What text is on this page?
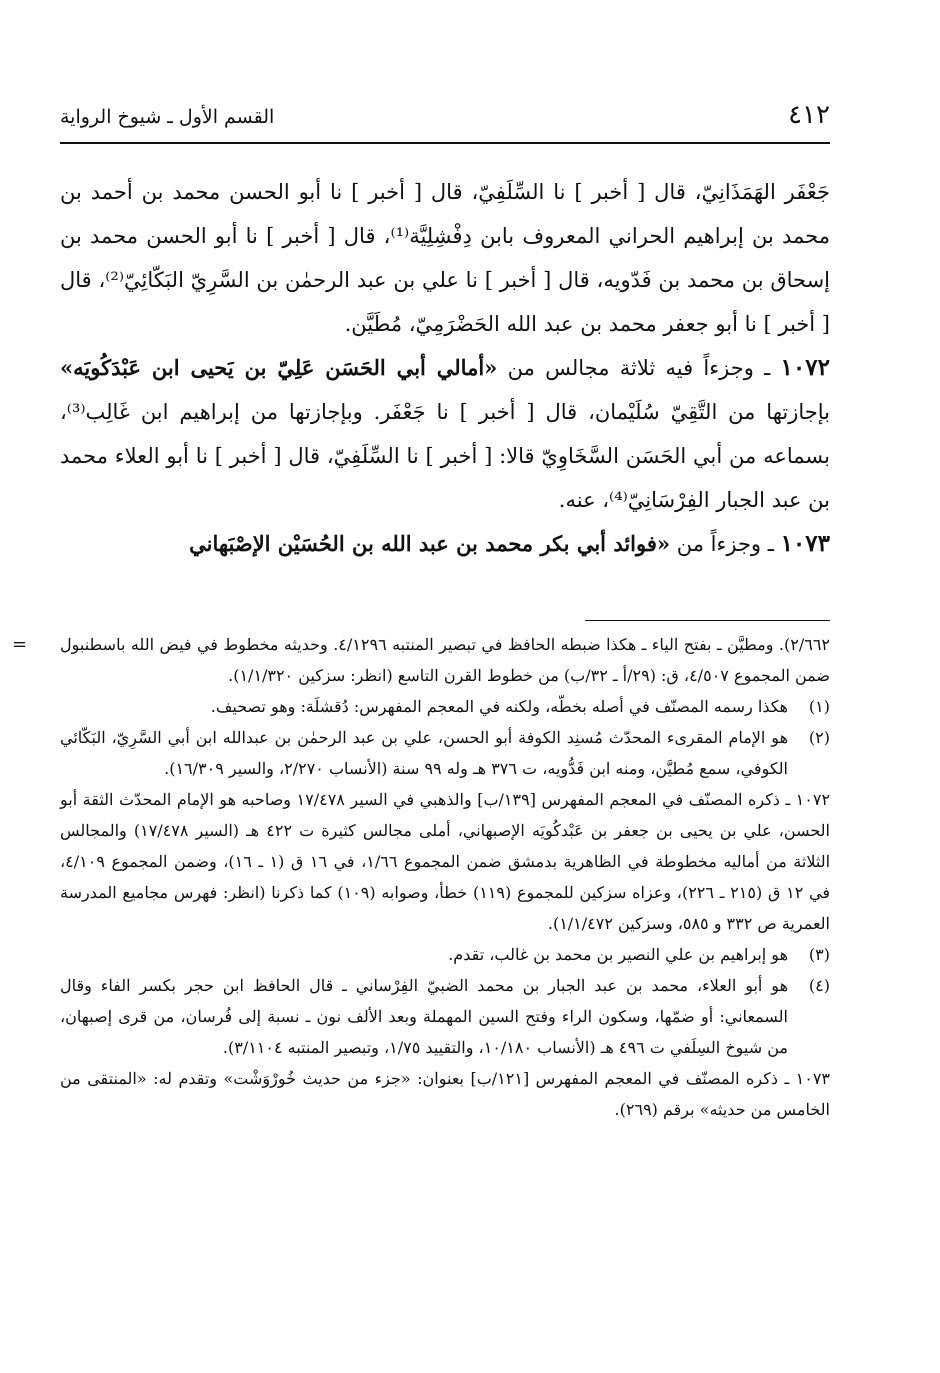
٤١٢
القسم الأول ـ شيوخ الرواية

جَعْفَر الهَمَذَانِيّ، قال [ أخبر ] نا السِّلَفِيّ، قال [ أخبر ] نا أبو الحسن محمد بن أحمد بن محمد بن إبراهيم الحراني المعروف بابن دِفْشِلِيَّة⁽¹⁾، قال [ أخبر ] نا أبو الحسن محمد بن إسحاق بن محمد بن فَدّويه، قال [ أخبر ] نا علي بن عبد الرحمٰن بن السَّرِيّ البَكّائِيّ⁽²⁾، قال [ أخبر ] نا أبو جعفر محمد بن عبد الله الحَضْرَمِيّ، مُطَيَّن.

١٠٧٢ ـ وجزءاً فيه ثلاثة مجالس من «أمالي أبي الحَسَن عَلِيّ بن يَحيى ابن عَبْدَكُويَه» بإجازتها من التَّقِيّ سُلَيْمان، قال [ أخبر ] نا جَعْفَر. وبإجازتها من إبراهيم ابن غَالِب⁽³⁾، بسماعه من أبي الحَسَن السَّخَاوِيّ قالا: [ أخبر ] نا السِّلَفِيّ، قال [ أخبر ] نا أبو العلاء محمد بن عبد الجبار الفِرْسَانِيّ⁽⁴⁾، عنه.

١٠٧٣ ـ وجزءاً من «فوائد أبي بكر محمد بن عبد الله بن الحُسَيْن الإصْبَهاني

= ٢/٦٦٢). ومطيَّن ـ بفتح الياء ـ هكذا ضبطه الحافظ في تبصير المنتبه ٤/١٢٩٦. وحديثه مخطوط في فيض الله باسطنبول ضمن المجموع ٤/٥٠٧، ق: (٢٩/أ ـ ٣٢/ب) من خطوط القرن التاسع (انظر: سزكين ١/١/٣٢٠).

(١)
هكذا رسمه المصنّف في أصله بخطّه، ولكنه في المعجم المفهرس: دُقشلَة: وهو تصحيف.

(٢)
هو الإمام المقرىء المحدّث مُسنِد الكوفة أبو الحسن، علي بن عبد الرحمٰن بن عبدالله ابن أبي السَّرِيّ، البَكّائي الكوفي، سمع مُطيَّن، ومنه ابن فَدُّويه، ت ٣٧٦ هـ وله ٩٩ سنة (الأنساب ٢/٢٧٠، والسير ١٦/٣٠٩).

١٠٧٢ ـ ذكره المصنّف في المعجم المفهرس [١٣٩/ب] والذهبي في السير ١٧/٤٧٨ وصاحبه هو الإمام المحدّث الثقة أبو الحسن، علي بن يحيى بن جعفر بن عَبْدكُويَه الإصبهاني، أملى مجالس كثيرة ت ٤٢٢ هـ (السير ١٧/٤٧٨) والمجالس الثلاثة من أماليه مخطوطة في الظاهرية بدمشق ضمن المجموع ١/٦٦، في ١٦ ق (١ ـ ١٦)، وضمن المجموع ٤/١٠٩، في ١٢ ق (٢١٥ ـ ٢٢٦)، وعزاه سزكين للمجموع (١١٩) خطأ، وصوابه (١٠٩) كما ذكرنا (انظر: فهرس مجاميع المدرسة العمرية ص ٣٣٢ و ٥٨٥، وسزكين ١/١/٤٧٢).

(٣)
هو إبراهيم بن علي النصير بن محمد بن غالب، تقدم.

(٤)
هو أبو العلاء، محمد بن عبد الجبار بن محمد الضبيّ الفِرْساني ـ قال الحافظ ابن حجر بكسر الفاء وقال السمعاني: أو ضمّها، وسكون الراء وفتح السين المهملة وبعد الألف نون ـ نسبة إلى فُرسان، من قرى إصبهان، من شيوخ السِلَفي ت ٤٩٦ هـ (الأنساب ١٠/١٨٠، والتقييد ١/٧٥، وتبصير المنتبه ٣/١١٠٤).

١٠٧٣ ـ ذكره المصنّف في المعجم المفهرس [١٢١/ب] بعنوان: «جزء من حديث خُورْوَشْت» وتقدم له: «المنتقى من الخامس من حديثه» برقم (٢٦٩).
